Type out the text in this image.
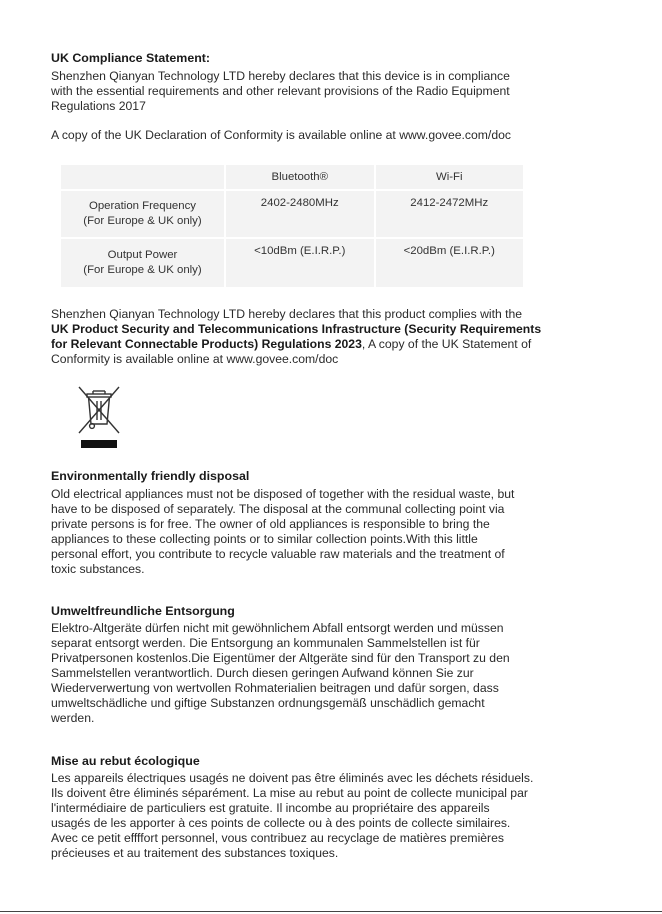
UK Compliance Statement:

Shenzhen Qianyan Technology LTD hereby declares that this device is in compliance
with the essential requirements and other relevant provisions of the Radio Equipment
Regulations 2017

A copy of the UK Declaration of Conformity is available online at www.govee.com/doc

	Bluetooth®	Wi-Fi

Operation Frequency
(For Europe & UK only)	2402-2480MHz	2412-2472MHz

Output Power
(For Europe & UK only)	<10dBm (E.I.R.P.)	<20dBm (E.I.R.P.)

Shenzhen Qianyan Technology LTD hereby declares that this product complies with the
UK Product Security and Telecommunications Infrastructure (Security Requirements
for Relevant Connectable Products) Regulations 2023, A copy of the UK Statement of
Conformity is available online at www.govee.com/doc

Environmentally friendly disposal

Old electrical appliances must not be disposed of together with the residual waste, but
have to be disposed of separately. The disposal at the communal collecting point via
private persons is for free. The owner of old appliances is responsible to bring the
appliances to these collecting points or to similar collection points.With this little
personal effort, you contribute to recycle valuable raw materials and the treatment of
toxic substances.

Umweltfreundliche Entsorgung

Elektro-Altgeräte dürfen nicht mit gewöhnlichem Abfall entsorgt werden und müssen
separat entsorgt werden. Die Entsorgung an kommunalen Sammelstellen ist für
Privatpersonen kostenlos.Die Eigentümer der Altgeräte sind für den Transport zu den
Sammelstellen verantwortlich. Durch diesen geringen Aufwand können Sie zur
Wiederverwertung von wertvollen Rohmaterialien beitragen und dafür sorgen, dass
umweltschädliche und giftige Substanzen ordnungsgemäß unschädlich gemacht
werden.

Mise au rebut écologique

Les appareils électriques usagés ne doivent pas être éliminés avec les déchets résiduels.
Ils doivent être éliminés séparément. La mise au rebut au point de collecte municipal par
l'intermédiaire de particuliers est gratuite. Il incombe au propriétaire des appareils
usagés de les apporter à ces points de collecte ou à des points de collecte similaires.
Avec ce petit effffort personnel, vous contribuez au recyclage de matières premières
précieuses et au traitement des substances toxiques.
